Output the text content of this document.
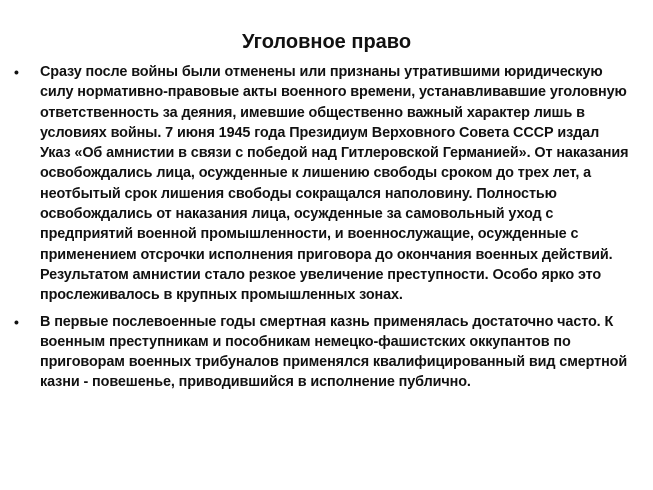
Уголовное право
•	Сразу после войны были отменены или признаны утратившими юридическую силу нормативно-правовые акты военного времени, устанавливавшие уголовную ответственность за деяния, имевшие общественно важный характер лишь в условиях войны. 7 июня 1945 года Президиум Верховного Совета СССР издал Указ «Об амнистии в связи с победой над Гитлеровской Германией». От наказания освобождались лица, осужденные к лишению свободы сроком до трех лет, а неотбытый срок лишения свободы сокращался наполовину. Полностью освобождались от наказания лица, осужденные за самовольный уход с предприятий военной промышленности, и военнослужащие, осужденные с применением отсрочки исполнения приговора до окончания военных действий. Результатом амнистии стало резкое увеличение преступности. Особо ярко это прослеживалось в крупных промышленных зонах.
•	В первые послевоенные годы смертная казнь применялась достаточно часто. К военным преступникам и пособникам немецко-фашистских оккупантов по приговорам военных трибуналов применялся квалифицированный вид смертной казни - повешенье, приводившийся в исполнение публично.
